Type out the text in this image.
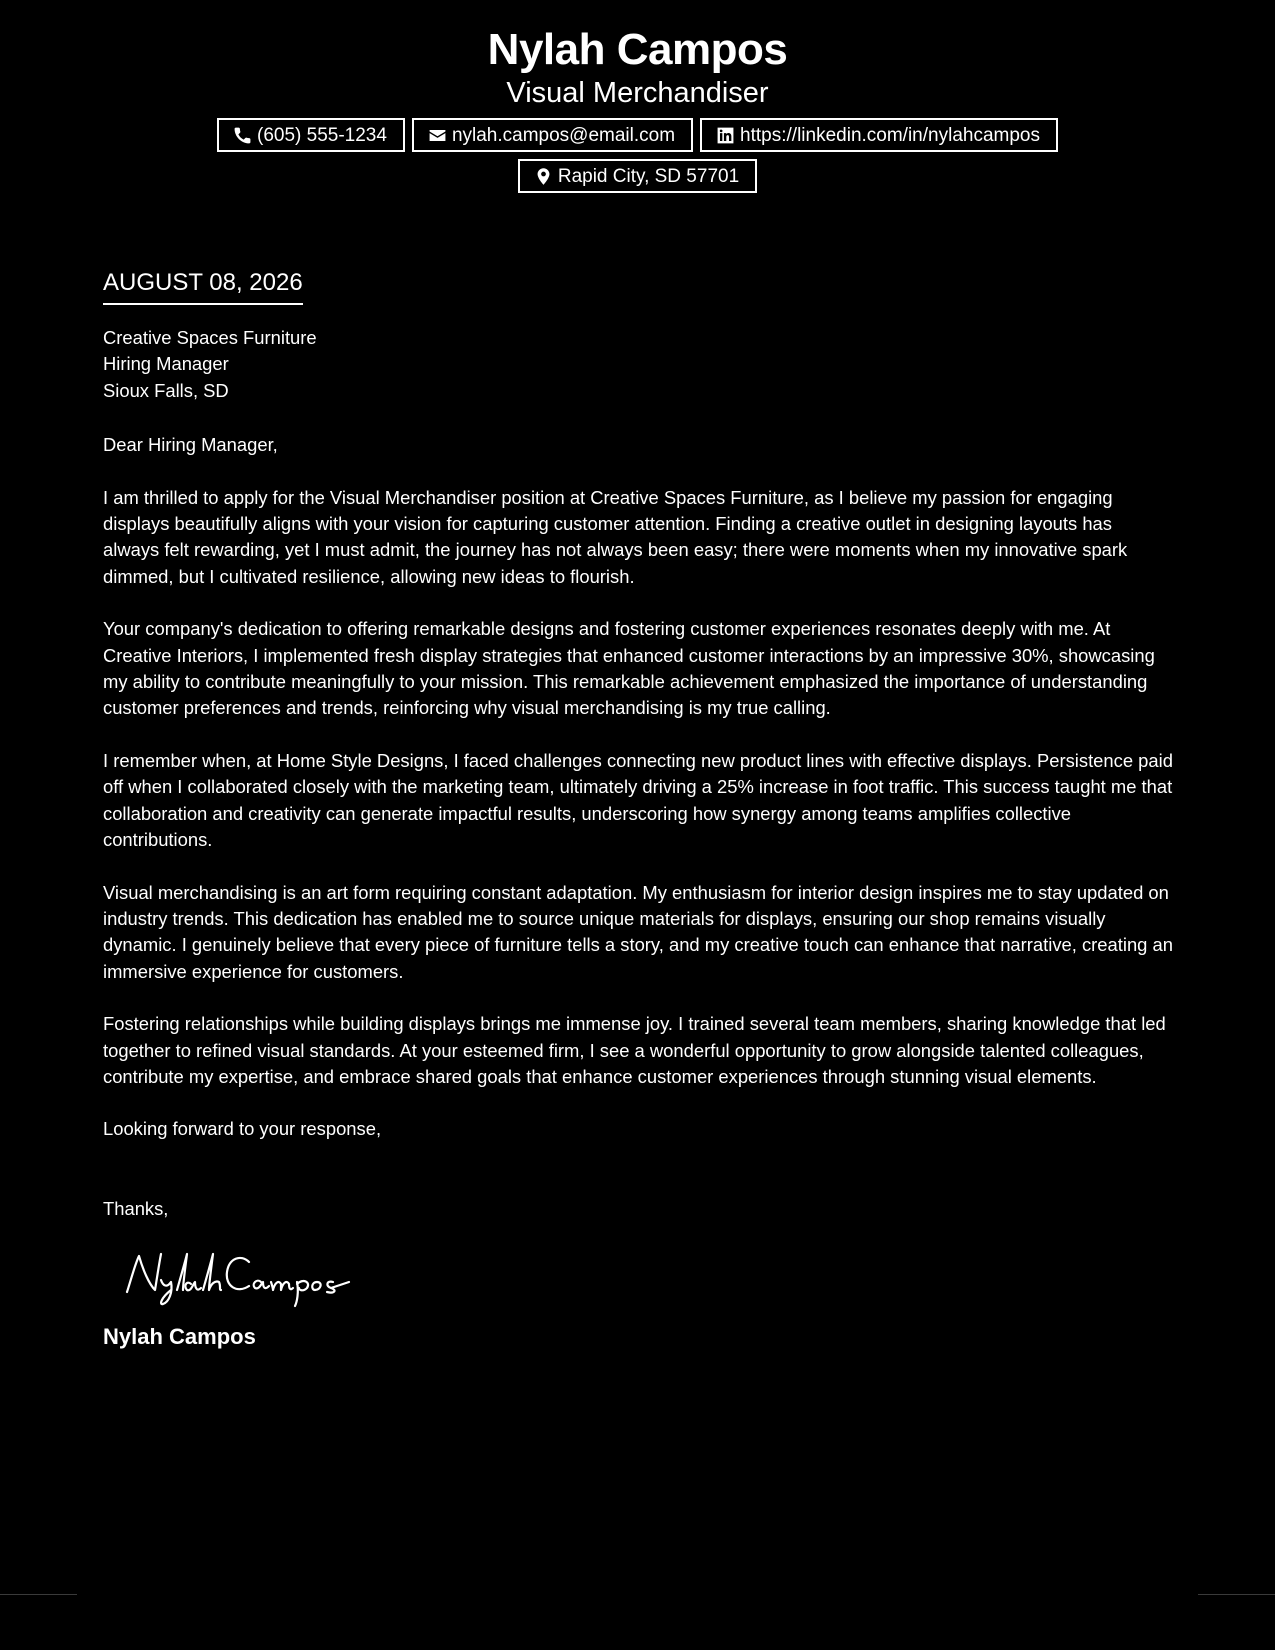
Nylah Campos
Visual Merchandiser
(605) 555-1234	nylah.campos@email.com	https://linkedin.com/in/nylahcampos
Rapid City, SD 57701
AUGUST 08, 2026
Creative Spaces Furniture
Hiring Manager
Sioux Falls, SD
Dear Hiring Manager,

I am thrilled to apply for the Visual Merchandiser position at Creative Spaces Furniture, as I believe my passion for engaging displays beautifully aligns with your vision for capturing customer attention. Finding a creative outlet in designing layouts has always felt rewarding, yet I must admit, the journey has not always been easy; there were moments when my innovative spark dimmed, but I cultivated resilience, allowing new ideas to flourish.

Your company's dedication to offering remarkable designs and fostering customer experiences resonates deeply with me. At Creative Interiors, I implemented fresh display strategies that enhanced customer interactions by an impressive 30%, showcasing my ability to contribute meaningfully to your mission. This remarkable achievement emphasized the importance of understanding customer preferences and trends, reinforcing why visual merchandising is my true calling.

I remember when, at Home Style Designs, I faced challenges connecting new product lines with effective displays. Persistence paid off when I collaborated closely with the marketing team, ultimately driving a 25% increase in foot traffic. This success taught me that collaboration and creativity can generate impactful results, underscoring how synergy among teams amplifies collective contributions.

Visual merchandising is an art form requiring constant adaptation. My enthusiasm for interior design inspires me to stay updated on industry trends. This dedication has enabled me to source unique materials for displays, ensuring our shop remains visually dynamic. I genuinely believe that every piece of furniture tells a story, and my creative touch can enhance that narrative, creating an immersive experience for customers.

Fostering relationships while building displays brings me immense joy. I trained several team members, sharing knowledge that led together to refined visual standards. At your esteemed firm, I see a wonderful opportunity to grow alongside talented colleagues, contribute my expertise, and embrace shared goals that enhance customer experiences through stunning visual elements.

Looking forward to your response,
Thanks,
Nylah Campos
